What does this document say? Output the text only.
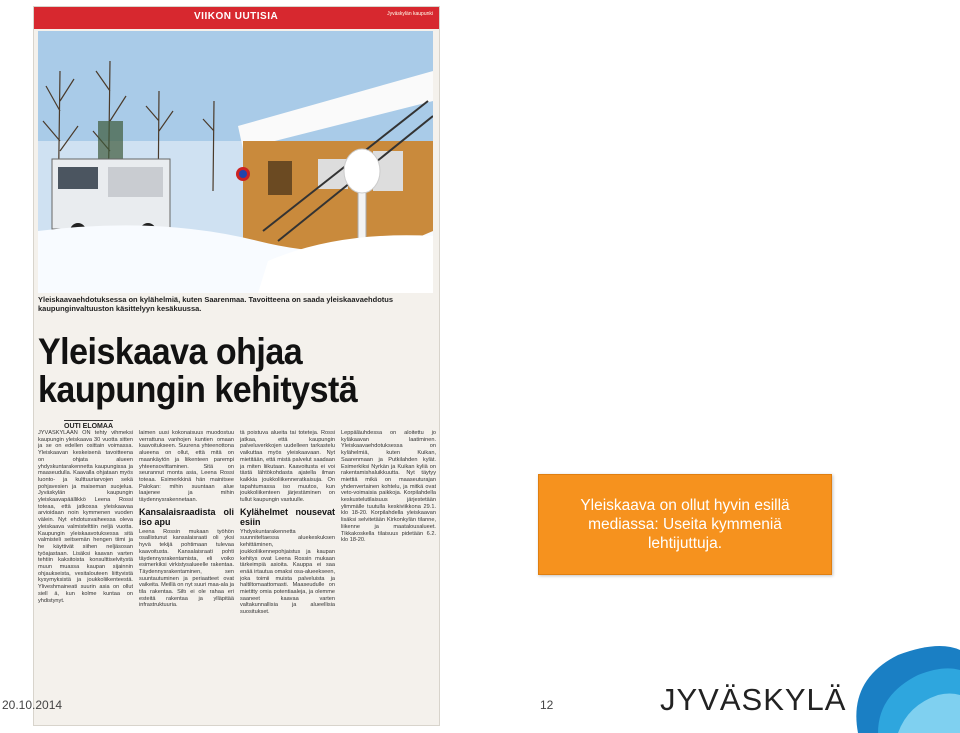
VIIKON UUTISIA	Jyväskylän kaupunki
Yleiskaavaehdotuksessa on kylähelmiä, kuten Saarenmaa. Tavoitteena on saada yleiskaavaehdotus kaupunginvaltuuston käsittelyyn kesäkuussa.
Yleiskaava ohjaa
kaupungin kehitystä
OUTI ELOMAA

JYVÄSKYLÄÄN ON tehty vihmeksi kaupungin yleiskaava 30 vuotta sitten ja se on edellen osittain voimassa. Yleiskaavan keskeisenä tavoitteena on ohjata alueen yhdyskuntarakennetta kaupungissa ja maaseudulla. Kaavalla ohjataan myös luonto- ja kulttuuriarvojen sekä pohjavesien ja maiseman suojelua. Jyväskylän kaupungin yleiskaavapäällikkö Leena Rossi toteaa, että jatkossa yleiskaavaa arvioidaan noin kymmenen vuoden välein. Nyt ehdotusvaiheessa oleva yleiskaava valmistelttiin neljä vuotta. Kaupungin yleiskaavotuksessa sitä valmisteli seitsemän hengen tiimi ja he käyttivät siihen neljäsosan työajastaan. Lisäksi kaavan varten tehtiin kaksitoista konsulttiselvitystä muun muassa kaupan sijainnin ohjaukseista, vesitalouteen liittyvistä kysymyksistä ja joukkoliikenteestä. Yliveshmaineati suurin asia on ollut siell ä, kun kolme kuntaa on yhdistynyt.

laimen uusi kokonaisuus muodostuu verrattuna vanhojen kuntien omaan kaavoitukseen. Suurena yhteenottona alueena on ollut, että mitä on maankäytön ja liikenteen parempi yhteensovittaminen. Sitä on seurannut monta asia, Leena Rossi toteaa. Esimerkkinä hän mainitsee Palokan: mihin suuntaan alue laajenee ja mihin täydennysrakennetaan.

Kansalaisraadista oli iso apu

Leena Rossin mukaan työhön osallistunut kansalaisraati oli yksi hyvä tekijä pohtimaan tulevaa kaavoitusta. Kansalaisraati pohti täydennysrakentamista, eli voiko esimerkiksi virkistysalueelle rakentaa. Täydennysrakentaminen, sen suuntautuminen ja periaatteet ovat vaikeita. Meillä on nyt suuri maa-ala ja tila rakentaa. Siltı ei ole rahaa eri esteitä rakentaa ja ylläpitää infrastruktuuria.

tä poistuva alueita tai toteteja. Rossi jatkaa, että kaupungin palveluverkkojen uudelleen tarkastelu vaikuttaa myös yleiskaavaan. Nyt mietitään, että mistä palvelut saadaan ja miten liikutaan. Kaavoitusta ei voi tästä lähtökohdasta ajatella ilman kaikkia joukkoliikenneratkaisuja. On tapahtumassa iso muutos, kun joukkoliikenteen järjestäminen on tullut kaupungin vastuulle.

Kylähelmet nousevat esiin

Yhdyskuntarakennetta suunniteltaessa aluekeskuksen kehittäminen, joukkoliikennepohjaistus ja kaupan kehitys ovat Leena Rossin mukaan tärkeimpiä asioita. Kauppa ei saa enää irtautua omaksi osa-alueekseen, joka toimii muista palveluista ja haltiltomaattomasti. Maaseudulle on mietitty omia potentiaaleja, ja olemme saaneet kaavaa varten valtakunnallisia ja alueellisia suositukset.

Leppäläuhdessa on aloitettu jo kyläkaavan laatiminen. Yleiskaavaehdotuksessa on kylähelmiä, kuten Kuikan, Saarenmaan ja Putkilahden kylät. Esimerkiksi Nyrkän ja Kuikan kyliä on rakentamishaluikkuutta. Nyt täytyy miettiä mikä on maaseuturajan yhdenvertainen kohtelu, ja mitkä ovat veto-voimaisia paikkoja. Korpilahdella keskustelutilaisuus järjestetään ylimmälle tuutulla keskiviikkona 29.1. klo 18-20. Korpilahdella yleiskaavan lisäksi selvitetään Kirkonkylän tilanne, liikenne ja maatalousalueet. Tikkakoskella tilaisuus pidetään 6.2. klo 18-20.

Yleiskaava on ollut hyvin esillä mediassa: Useita kymmeniä lehtijuttuja.
20.10.2014	12	JYVÄSKYLÄ
